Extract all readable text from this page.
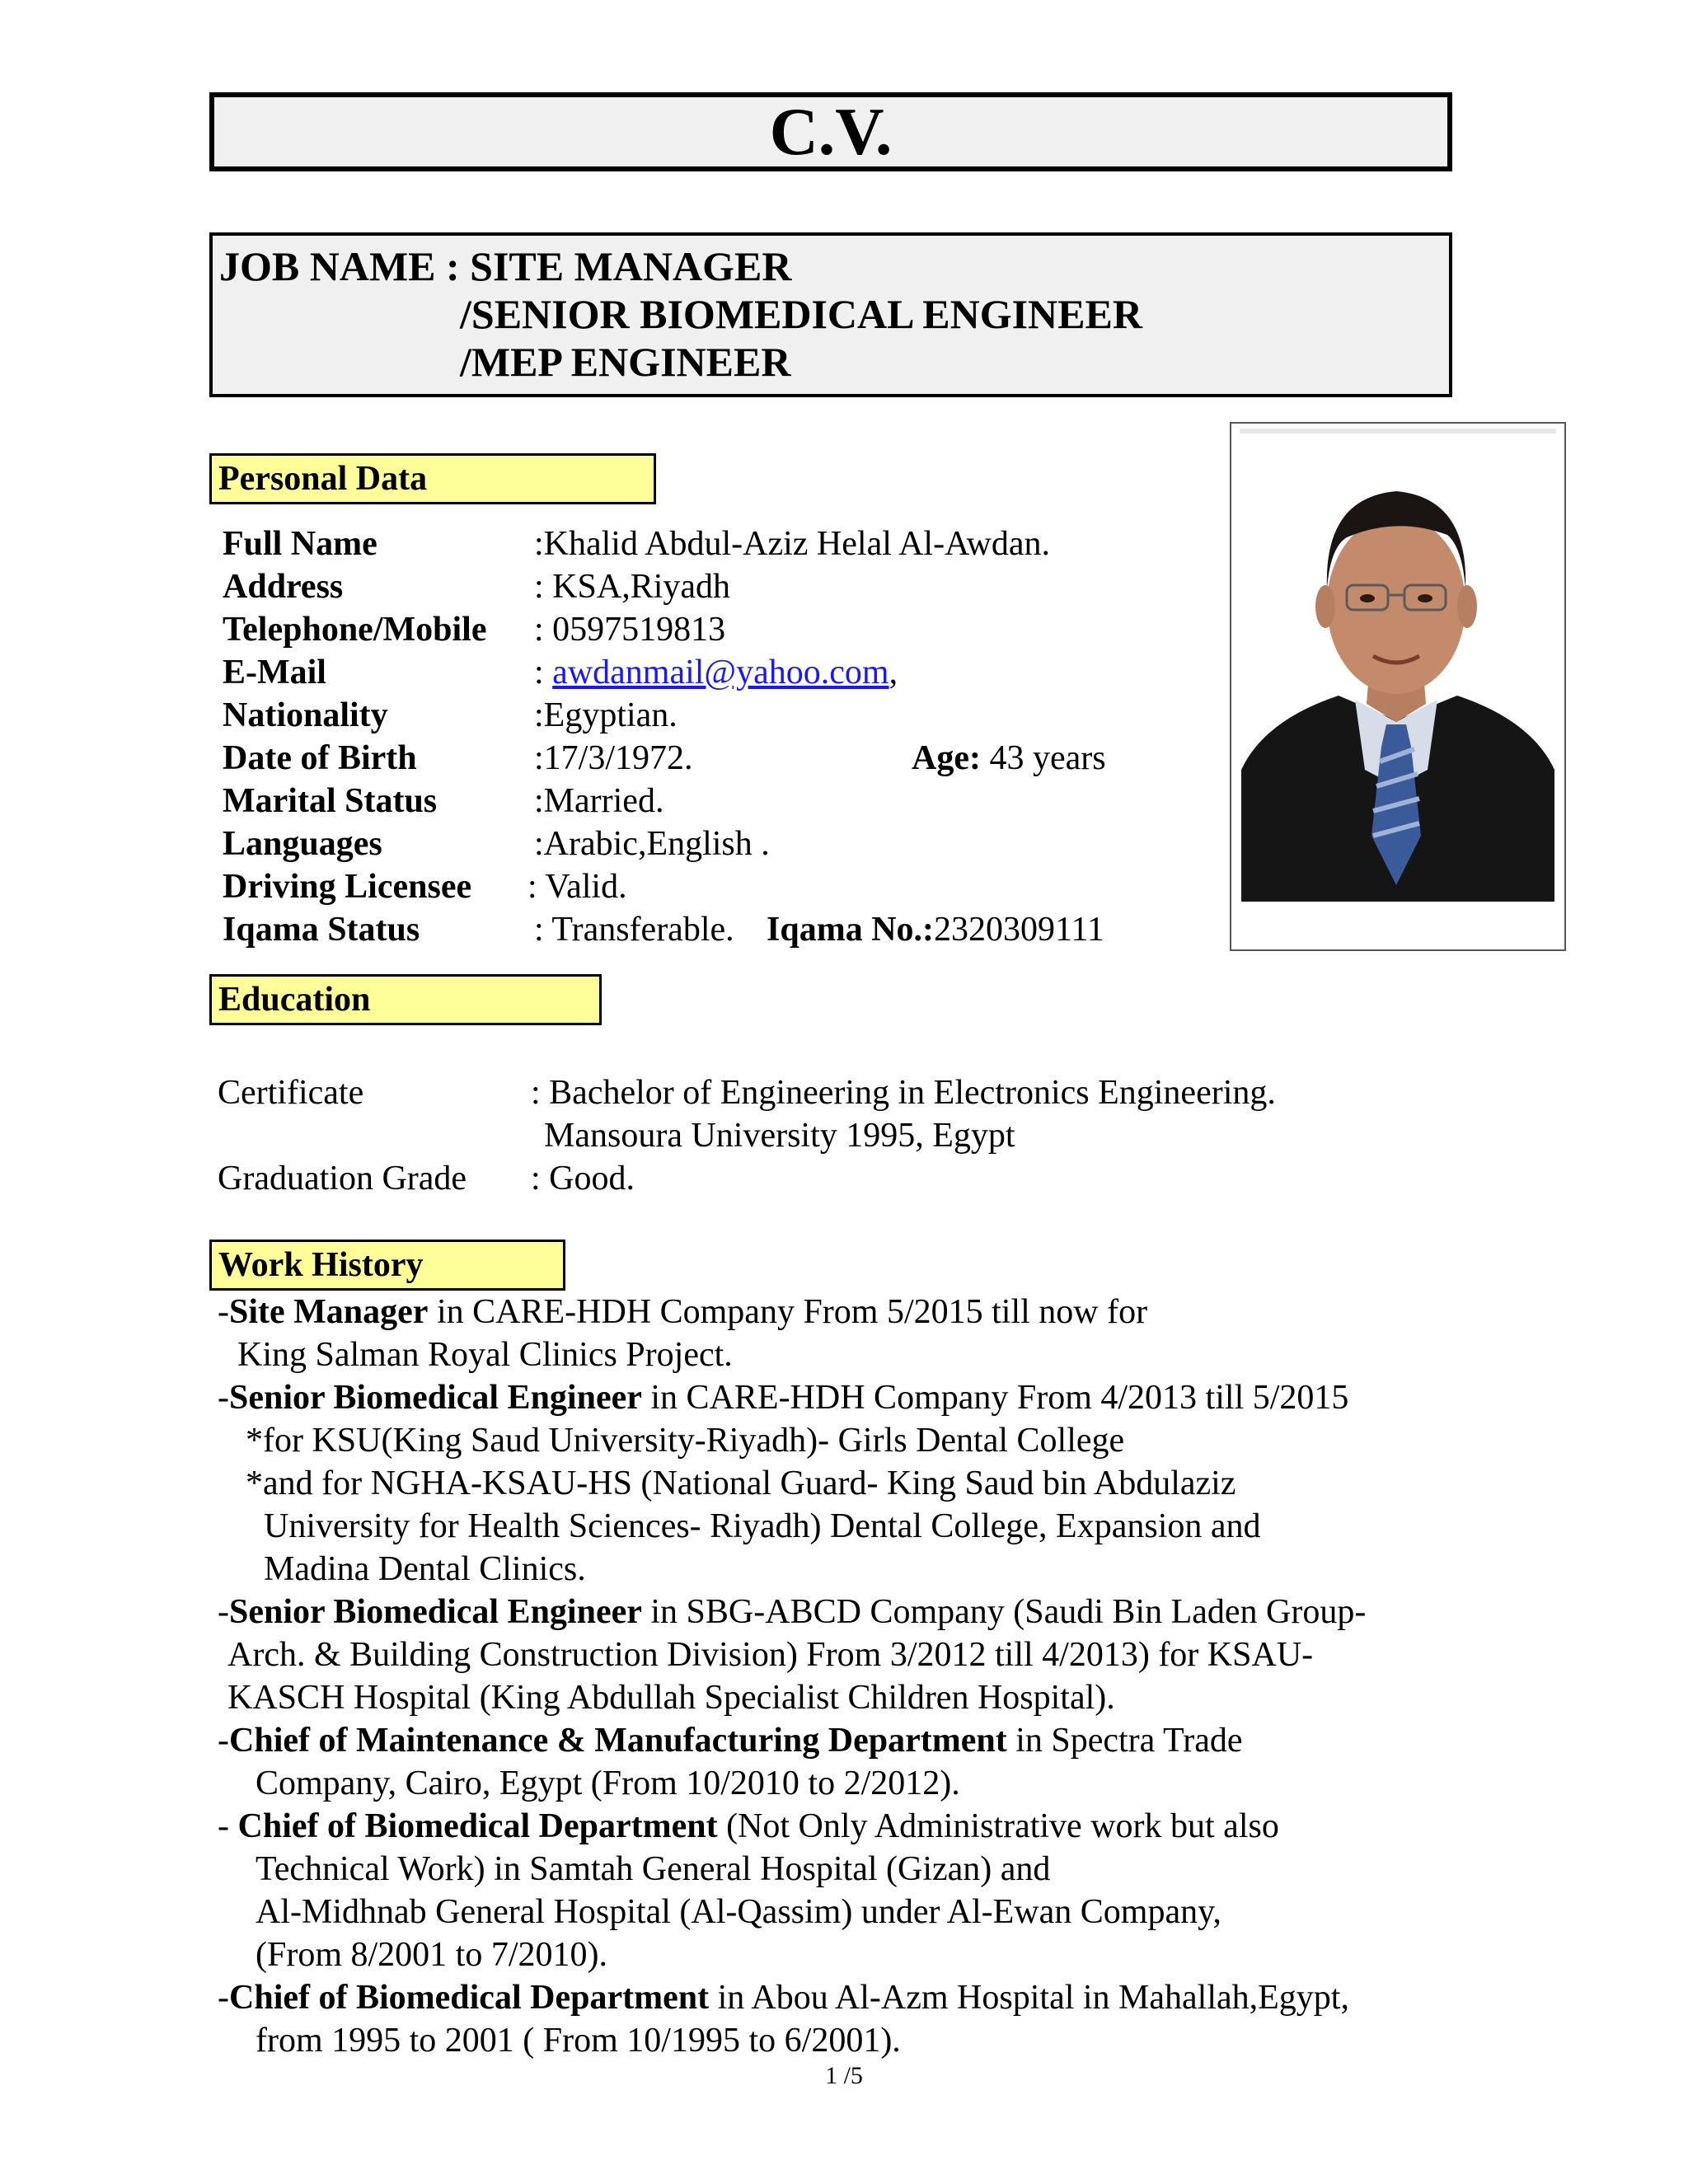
C.V.
JOB NAME : SITE MANAGER
/SENIOR BIOMEDICAL ENGINEER
/MEP ENGINEER
Personal Data
Full Name	:Khalid Abdul-Aziz Helal Al-Awdan.
Address	: KSA,Riyadh
Telephone/Mobile : 0597519813
E-Mail	: awdanmail@yahoo.com,
Nationality	:Egyptian.
Date of Birth	:17/3/1972.	Age: 43 years
Marital Status	:Married.
Languages	:Arabic,English .
Driving Licensee : Valid.
Iqama Status	: Transferable. Iqama No.:2320309111
Education
Certificate	: Bachelor of Engineering in Electronics Engineering.
Mansoura University 1995, Egypt
Graduation Grade : Good.
Work History
-Site Manager in CARE-HDH Company From 5/2015 till now for
King Salman Royal Clinics Project.
-Senior Biomedical Engineer in CARE-HDH Company From 4/2013 till 5/2015
*for KSU(King Saud University-Riyadh)- Girls Dental College
*and for NGHA-KSAU-HS (National Guard- King Saud bin Abdulaziz
University for Health Sciences- Riyadh) Dental College, Expansion and
Madina Dental Clinics.
-Senior Biomedical Engineer in SBG-ABCD Company (Saudi Bin Laden Group-
Arch. & Building Construction Division) From 3/2012 till 4/2013) for KSAU-
KASCH Hospital (King Abdullah Specialist Children Hospital).
-Chief of Maintenance & Manufacturing Department in Spectra Trade
Company, Cairo, Egypt (From 10/2010 to 2/2012).
- Chief of Biomedical Department (Not Only Administrative work but also
Technical Work) in Samtah General Hospital (Gizan) and
Al-Midhnab General Hospital (Al-Qassim) under Al-Ewan Company,
(From 8/2001 to 7/2010).
-Chief of Biomedical Department in Abou Al-Azm Hospital in Mahallah,Egypt,
from 1995 to 2001 ( From 10/1995 to 6/2001).
1 /5
